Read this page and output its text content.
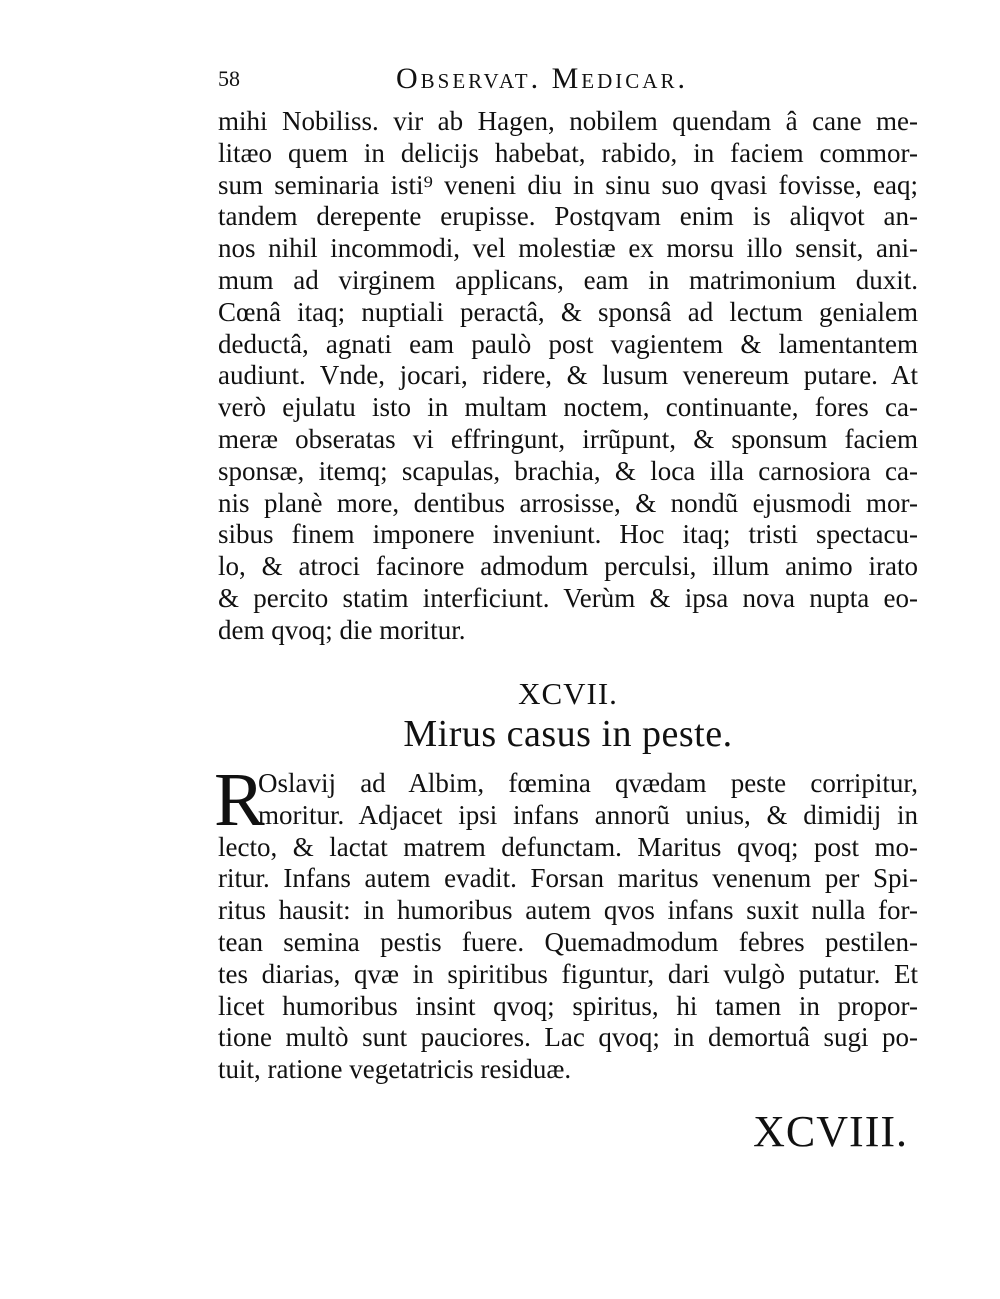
58	Observat. Medicar.
mihi Nobiliss. vir ab Hagen, nobilem quendam â cane me-
litæo quem in delicijs habebat, rabido, in faciem commor-
sum seminaria isti⁹ veneni diu in sinu suo qvasi fovisse, eaq;
tandem derepente erupisse. Postqvam enim is aliqvot an-
nos nihil incommodi, vel molestiæ ex morsu illo sensit, ani-
mum ad virginem applicans, eam in matrimonium duxit.
Cœnâ itaq; nuptiali peractâ, & sponsâ ad lectum genialem
deductâ, agnati eam paulò post vagientem & lamentantem
audiunt. Vnde, jocari, ridere, & lusum venereum putare. At
verò ejulatu isto in multam noctem, continuante, fores ca-
meræ obseratas vi effringunt, irrũpunt, & sponsum faciem
sponsæ, itemq; scapulas, brachia, & loca illa carnosiora ca-
nis planè more, dentibus arrosisse, & nondũ ejusmodi mor-
sibus finem imponere inveniunt. Hoc itaq; tristi spectacu-
lo, & atroci facinore admodum perculsi, illum animo irato
& percito statim interficiunt. Verùm & ipsa nova nupta eo-
dem qvoq; die moritur.
XCVII.
Mirus casus in peste.
R
Oslavij ad Albim, fœmina qvædam peste corripitur,
moritur. Adjacet ipsi infans annorũ unius, & dimidij in
lecto, & lactat matrem defunctam. Maritus qvoq; post mo-
ritur. Infans autem evadit. Forsan maritus venenum per Spi-
ritus hausit: in humoribus autem qvos infans suxit nulla for-
tean semina pestis fuere. Quemadmodum febres pestilen-
tes diarias, qvæ in spiritibus figuntur, dari vulgò putatur. Et
licet humoribus insint qvoq; spiritus, hi tamen in propor-
tione multò sunt pauciores. Lac qvoq; in demortuâ sugi po-
tuit, ratione vegetatricis residuæ.
XCVIII.
